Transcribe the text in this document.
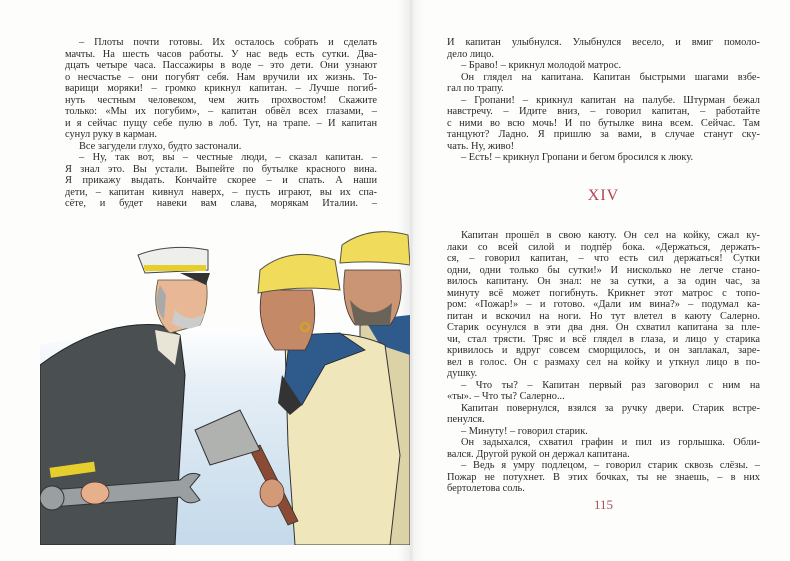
– Плоты почти готовы. Их осталось собрать и сделать
мачты. На шесть часов работы. У нас ведь есть сутки. Два-
дцать четыре часа. Пассажиры в воде – это дети. Они узнают
о несчастье – они погубят себя. Нам вручили их жизнь. То-
варищи моряки! – громко крикнул капитан. – Лучше погиб-
нуть честным человеком, чем жить прохвостом! Скажите
только: «Мы их погубим», – капитан обвёл всех глазами, –
и я сейчас пущу себе пулю в лоб. Тут, на трапе. – И капитан
сунул руку в карман.
Все загудели глухо, будто застонали.
– Ну, так вот, вы – честные люди, – сказал капитан. –
Я знал это. Вы устали. Выпейте по бутылке красного вина.
Я прикажу выдать. Кончайте скорее – и спать. А наши
дети, – капитан кивнул наверх, – пусть играют, вы их спа-
сёте, и будет навеки вам слава, морякам Италии. –
И капитан улыбнулся. Улыбнулся весело, и вмиг помоло-
дело лицо.
– Браво! – крикнул молодой матрос.
Он глядел на капитана. Капитан быстрыми шагами взбе-
гал по трапу.
– Гропани! – крикнул капитан на палубе. Штурман бежал
навстречу. – Идите вниз, – говорил капитан, – работайте
с ними во всю мочь! И по бутылке вина всем. Сейчас. Там
танцуют? Ладно. Я пришлю за вами, в случае станут ску-
чать. Ну, живо!
– Есть! – крикнул Гропани и бегом бросился к люку.
XIV
Капитан прошёл в свою каюту. Он сел на койку, сжал ку-
лаки со всей силой и подпёр бока. «Держаться, держать-
ся, – говорил капитан, – что есть сил держаться! Сутки
одни, одни только бы сутки!» И нисколько не легче стано-
вилось капитану. Он знал: не за сутки, а за один час, за
минуту всё может погибнуть. Крикнет этот матрос с топо-
ром: «Пожар!» – и готово. «Дали им вина?» – подумал ка-
питан и вскочил на ноги. Но тут влетел в каюту Салерно.
Старик осунулся в эти два дня. Он схватил капитана за пле-
чи, стал трясти. Тряс и всё глядел в глаза, и лицо у старика
кривилось и вдруг совсем сморщилось, и он заплакал, заре-
вел в голос. Он с размаху сел на койку и уткнул лицо в по-
душку.
– Что ты? – Капитан первый раз заговорил с ним на
«ты». – Что ты? Салерно...
Капитан повернулся, взялся за ручку двери. Старик встре-
пенулся.
– Минуту! – говорил старик.
Он задыхался, схватил графин и пил из горлышка. Обли-
вался. Другой рукой он держал капитана.
– Ведь я умру подлецом, – говорил старик сквозь слёзы. –
Пожар не потухнет. В этих бочках, ты не знаешь, – в них
бертолетова соль.
115
